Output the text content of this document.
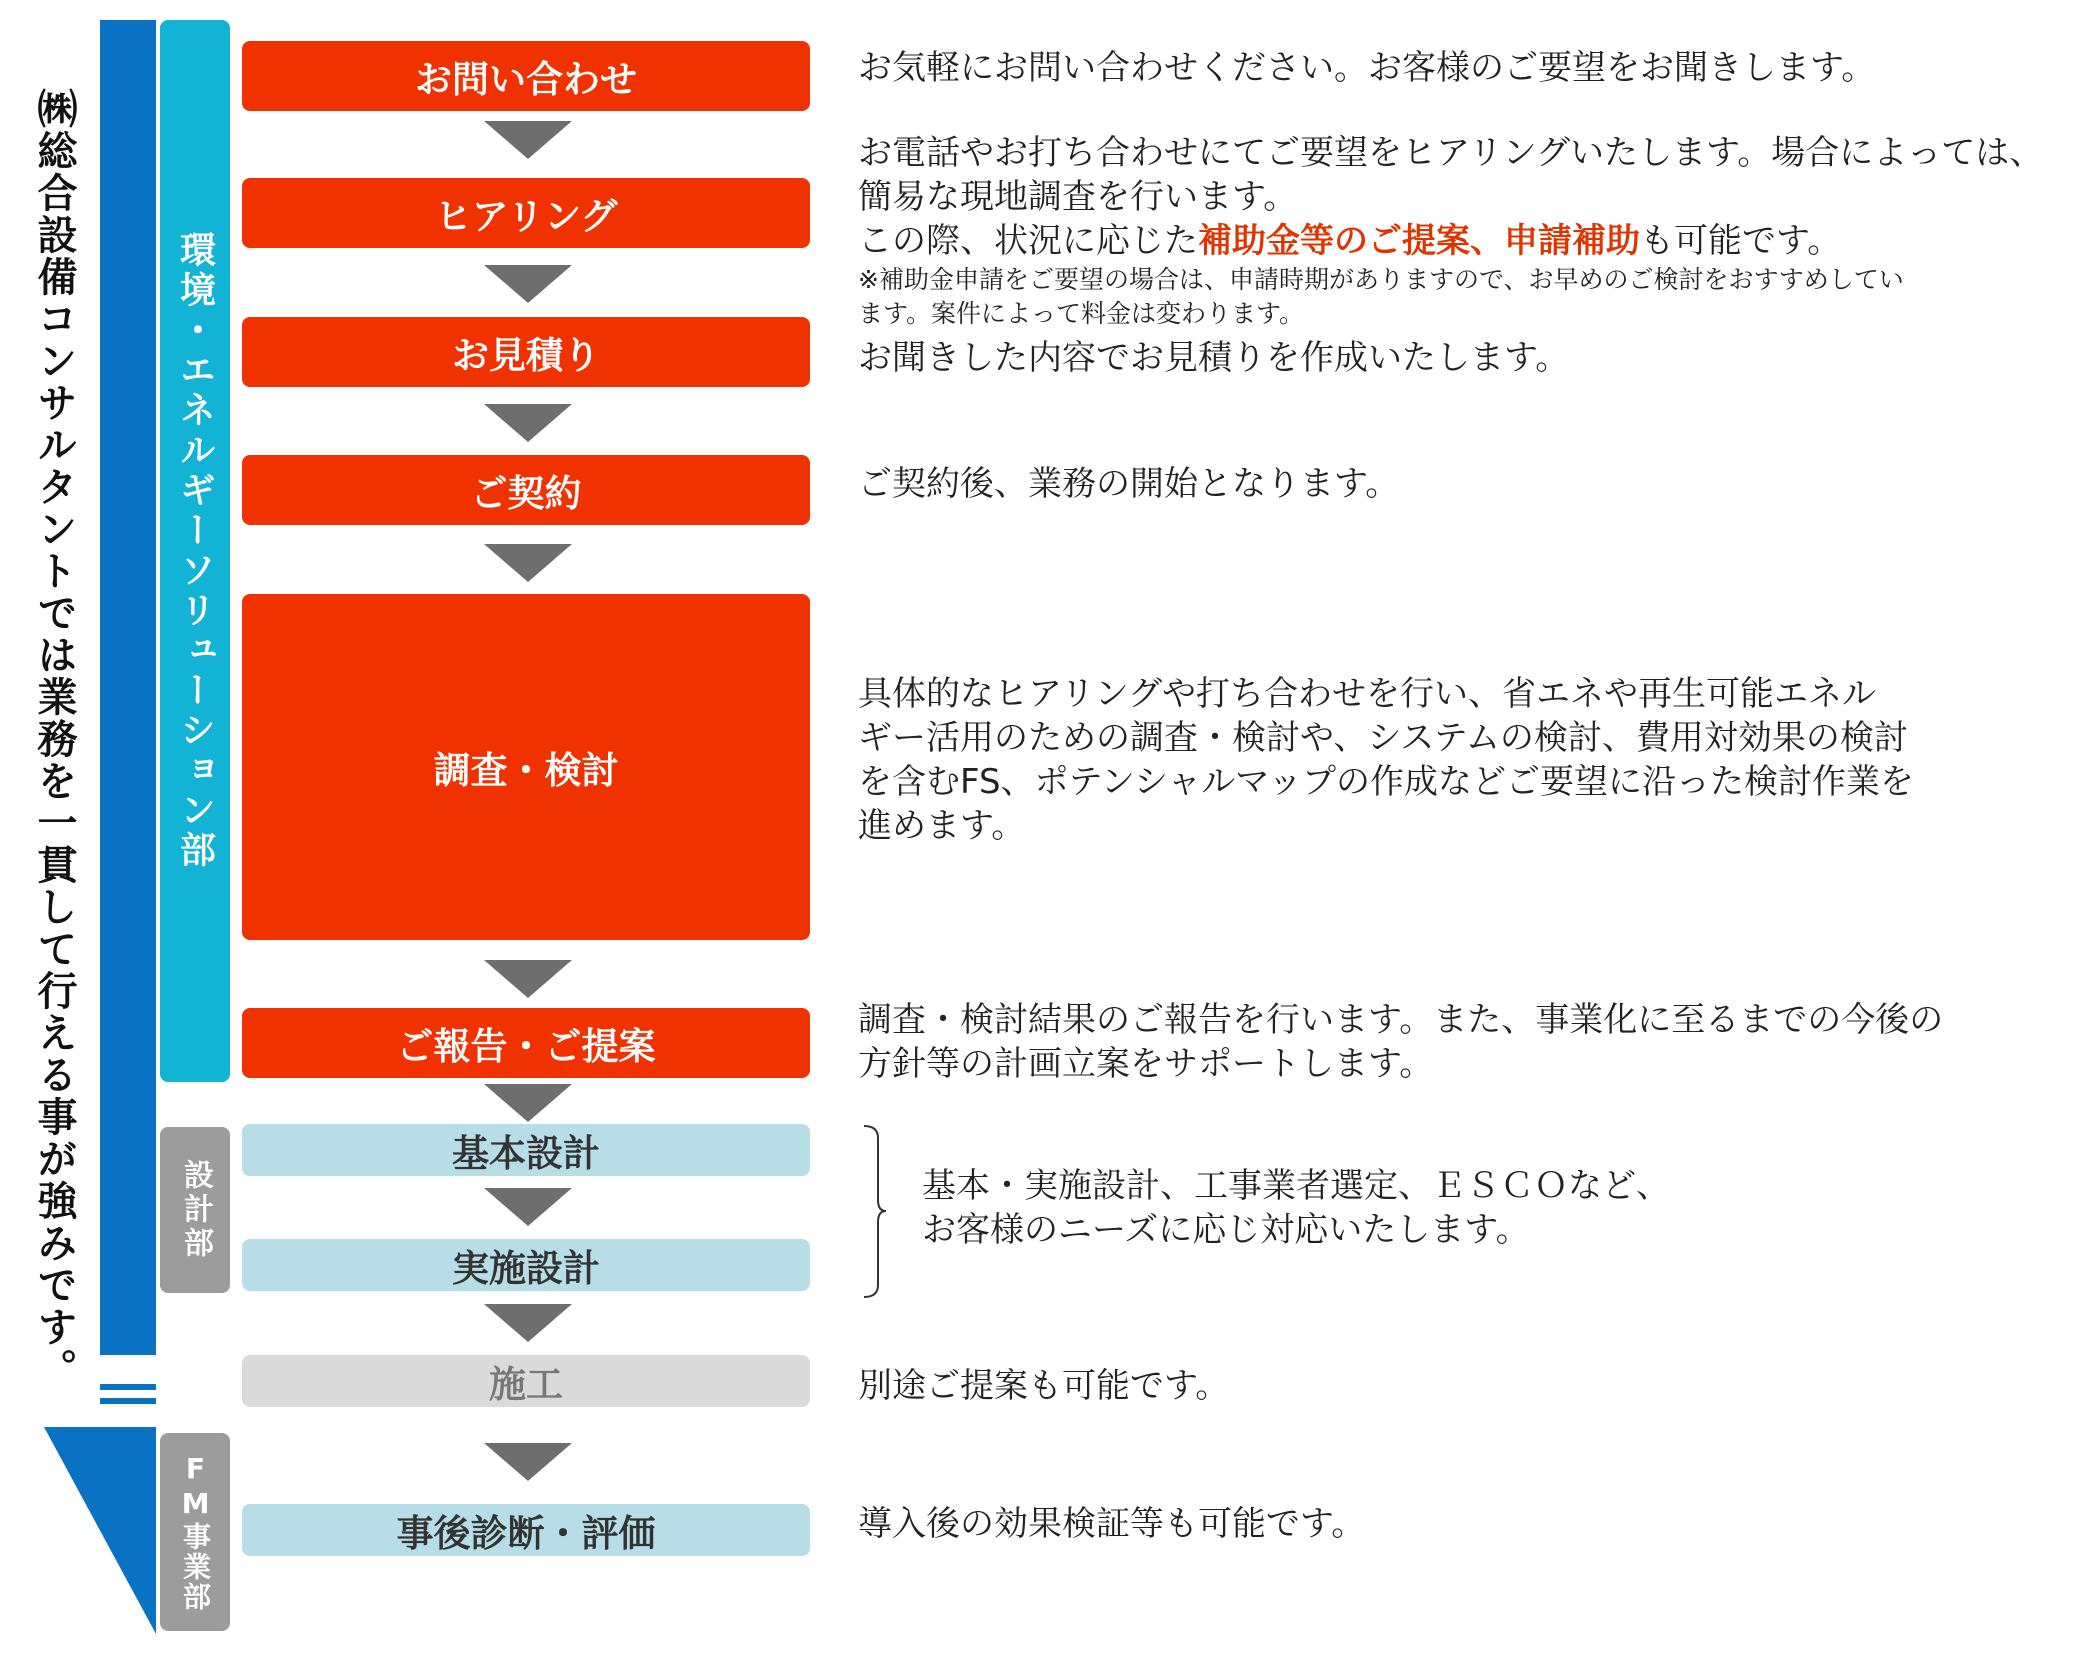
㈱総合設備コンサルタントでは業務を一貫して行える事が強みです。	環境・エネルギーソリューション部
設計部
FM事業部
お問い合わせ
ヒアリング
お見積り
ご契約
調査・検討
ご報告・ご提案
基本設計
実施設計
施工
事後診断・評価

お気軽にお問い合わせください。お客様のご要望をお聞きします。

お電話やお打ち合わせにてご要望をヒアリングいたします。場合によっては、

簡易な現地調査を行います。

この際、状況に応じた補助金等のご提案、申請補助も可能です。

※補助金申請をご要望の場合は、申請時期がありますので、お早めのご検討をおすすめしてい

ます。案件によって料金は変わります。

お聞きした内容でお見積りを作成いたします。

ご契約後、業務の開始となります。

具体的なヒアリングや打ち合わせを行い、省エネや再生可能エネル

ギー活用のための調査・検討や、システムの検討、費用対効果の検討

を含むFS、ポテンシャルマップの作成などご要望に沿った検討作業を

進めます。

調査・検討結果のご報告を行います。また、事業化に至るまでの今後の

方針等の計画立案をサポートします。

基本・実施設計、工事業者選定、ＥＳＣＯなど、

お客様のニーズに応じ対応いたします。

別途ご提案も可能です。

導入後の効果検証等も可能です。
